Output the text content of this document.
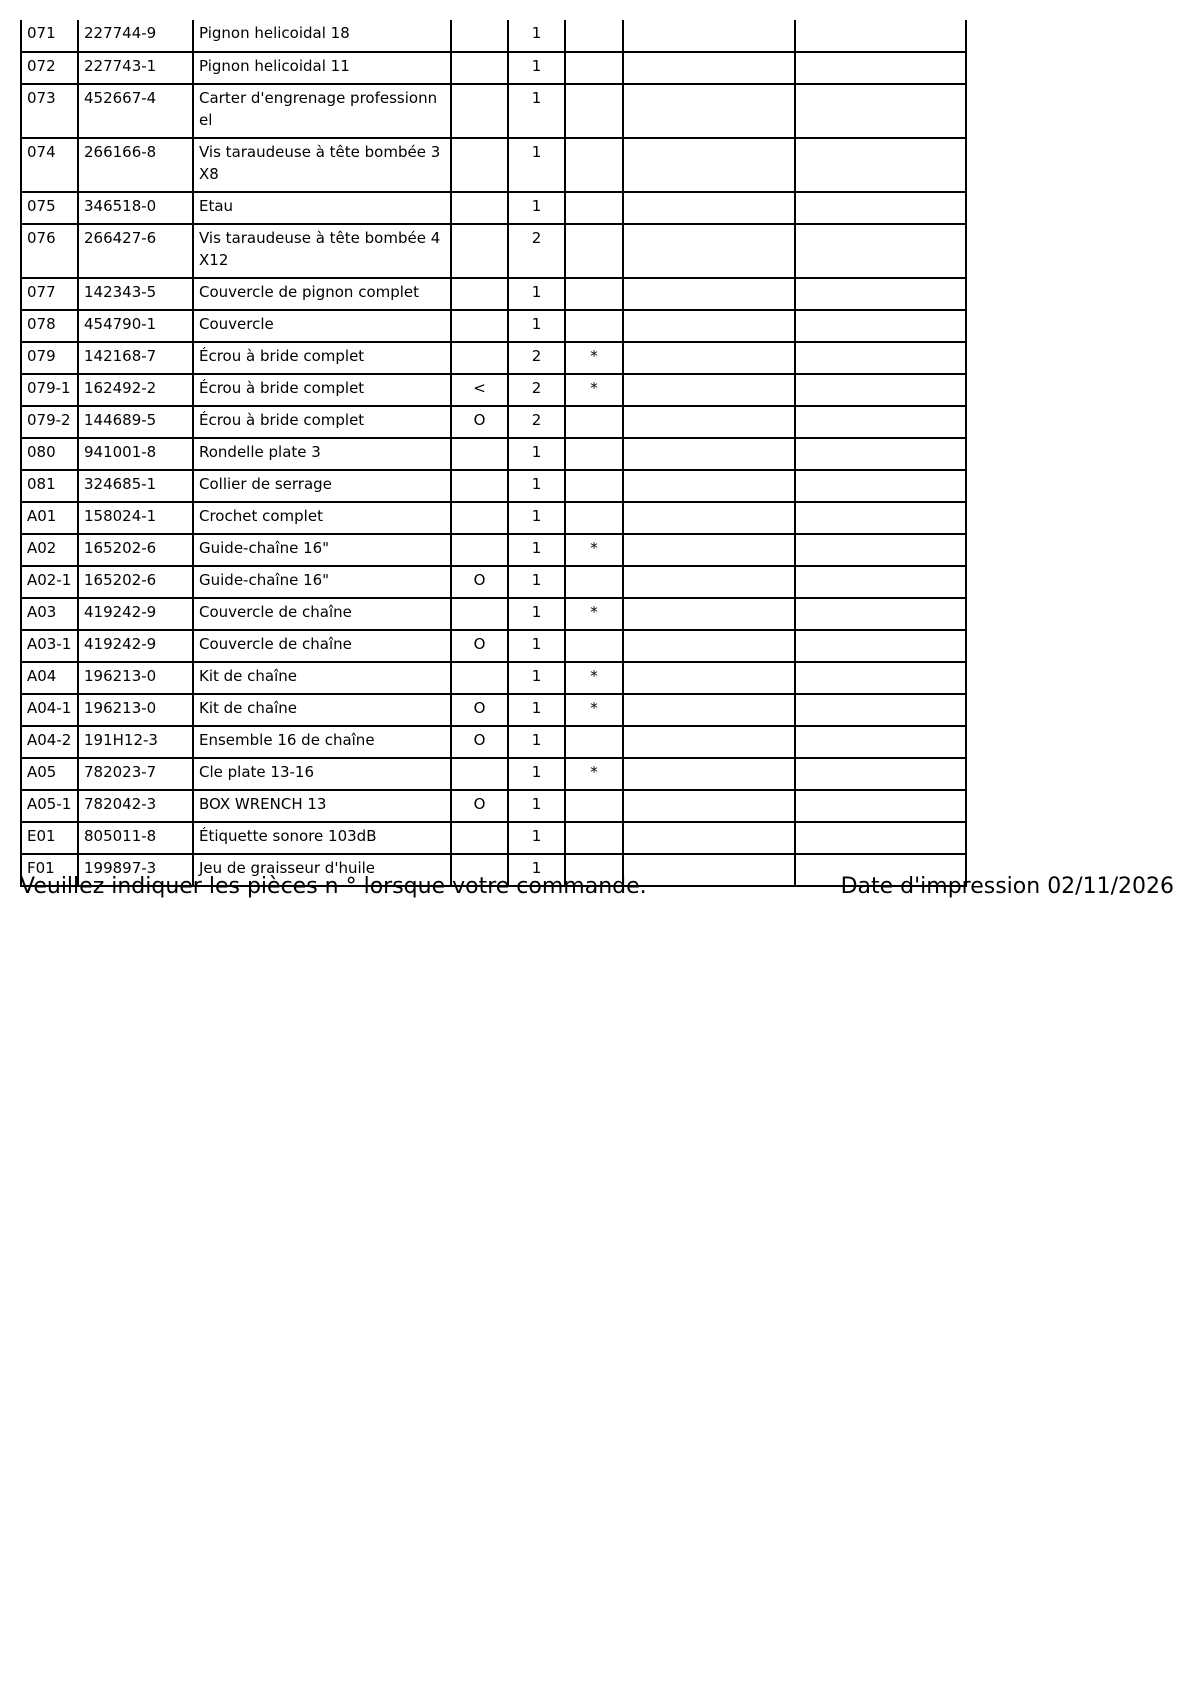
071	227744-9	Pignon helicoidal 18		1			
072	227743-1	Pignon helicoidal 11		1			
073	452667-4	Carter d'engrenage professionnel		1			
074	266166-8	Vis taraudeuse à tête bombée 3X8		1			
075	346518-0	Etau		1			
076	266427-6	Vis taraudeuse à tête bombée 4X12		2			
077	142343-5	Couvercle de pignon complet		1			
078	454790-1	Couvercle		1			
079	142168-7	Écrou à bride complet		2	*		
079-1	162492-2	Écrou à bride complet	<	2	*		
079-2	144689-5	Écrou à bride complet	O	2			
080	941001-8	Rondelle plate 3		1			
081	324685-1	Collier de serrage		1			
A01	158024-1	Crochet complet		1			
A02	165202-6	Guide-chaîne 16"		1	*		
A02-1	165202-6	Guide-chaîne 16"	O	1			
A03	419242-9	Couvercle de chaîne		1	*		
A03-1	419242-9	Couvercle de chaîne	O	1			
A04	196213-0	Kit de chaîne		1	*		
A04-1	196213-0	Kit de chaîne	O	1	*		
A04-2	191H12-3	Ensemble 16 de chaîne	O	1			
A05	782023-7	Cle plate 13-16		1	*		
A05-1	782042-3	BOX WRENCH 13	O	1			
E01	805011-8	Étiquette sonore 103dB		1			
F01	199897-3	Jeu de graisseur d'huile		1			
Veuillez indiquer les pièces n ° lorsque votre commande.	Date d'impression 02/11/2026
